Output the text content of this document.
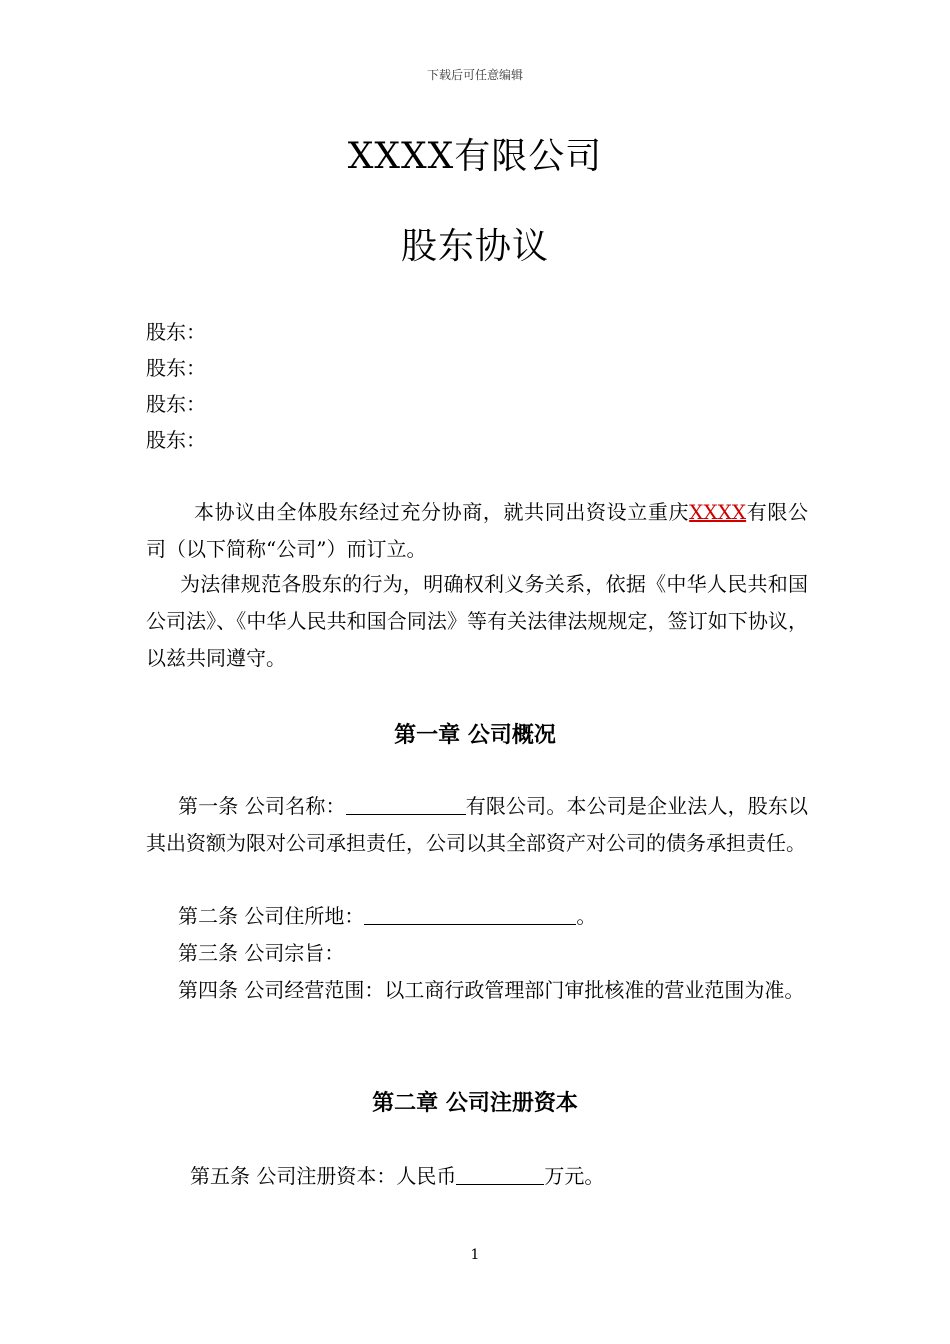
下载后可任意编辑
XXXX有限公司
股东协议
股东：
股东：
股东：
股东：
本协议由全体股东经过充分协商，就共同出资设立重庆XXXX有限公司（以下简称“公司”）而订立。
为法律规范各股东的行为，明确权利义务关系，依据《中华人民共和国公司法》、《中华人民共和国合同法》等有关法律法规规定，签订如下协议，以兹共同遵守。
第一章 公司概况
第一条 公司名称：	有限公司。本公司是企业法人，股东以其出资额为限对公司承担责任，公司以其全部资产对公司的债务承担责任。
第二条 公司住所地：	。
第三条 公司宗旨：
第四条 公司经营范围：以工商行政管理部门审批核准的营业范围为准。
第二章 公司注册资本
第五条 公司注册资本：人民币	万元。
1
